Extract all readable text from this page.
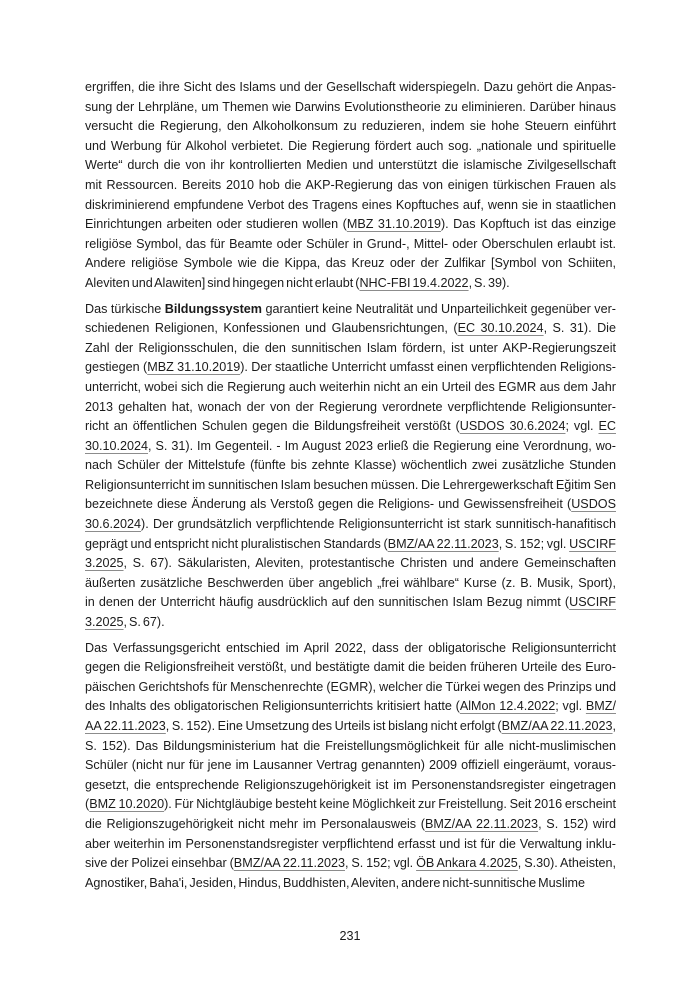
ergriffen, die ihre Sicht des Islams und der Gesellschaft widerspiegeln. Dazu gehört die Anpas-
sung der Lehrpläne, um Themen wie Darwins Evolutionstheorie zu eliminieren. Darüber hinaus
versucht die Regierung, den Alkoholkonsum zu reduzieren, indem sie hohe Steuern einführt
und Werbung für Alkohol verbietet. Die Regierung fördert auch sog. „nationale und spirituelle
Werte“ durch die von ihr kontrollierten Medien und unterstützt die islamische Zivilgesellschaft
mit Ressourcen. Bereits 2010 hob die AKP-Regierung das von einigen türkischen Frauen als
diskriminierend empfundene Verbot des Tragens eines Kopftuches auf, wenn sie in staatlichen
Einrichtungen arbeiten oder studieren wollen (MBZ 31.10.2019). Das Kopftuch ist das einzige
religiöse Symbol, das für Beamte oder Schüler in Grund-, Mittel- oder Oberschulen erlaubt ist.
Andere religiöse Symbole wie die Kippa, das Kreuz oder der Zulfikar [Symbol von Schiiten,
Aleviten und Alawiten] sind hingegen nicht erlaubt (NHC-FBI 19.4.2022, S. 39).
Das türkische Bildungssystem garantiert keine Neutralität und Unparteilichkeit gegenüber ver-
schiedenen Religionen, Konfessionen und Glaubensrichtungen, (EC 30.10.2024, S. 31). Die
Zahl der Religionsschulen, die den sunnitischen Islam fördern, ist unter AKP-Regierungszeit
gestiegen (MBZ 31.10.2019). Der staatliche Unterricht umfasst einen verpflichtenden Religions-
unterricht, wobei sich die Regierung auch weiterhin nicht an ein Urteil des EGMR aus dem Jahr
2013 gehalten hat, wonach der von der Regierung verordnete verpflichtende Religionsunter-
richt an öffentlichen Schulen gegen die Bildungsfreiheit verstößt (USDOS 30.6.2024; vgl. EC
30.10.2024, S. 31). Im Gegenteil. - Im August 2023 erließ die Regierung eine Verordnung, wo-
nach Schüler der Mittelstufe (fünfte bis zehnte Klasse) wöchentlich zwei zusätzliche Stunden
Religionsunterricht im sunnitischen Islam besuchen müssen. Die Lehrergewerkschaft Eğitim Sen
bezeichnete diese Änderung als Verstoß gegen die Religions- und Gewissensfreiheit (USDOS
30.6.2024). Der grundsätzlich verpflichtende Religionsunterricht ist stark sunnitisch-hanafitisch
geprägt und entspricht nicht pluralistischen Standards (BMZ/AA 22.11.2023, S. 152; vgl. USCIRF
3.2025, S. 67). Säkularisten, Aleviten, protestantische Christen und andere Gemeinschaften
äußerten zusätzliche Beschwerden über angeblich „frei wählbare“ Kurse (z. B. Musik, Sport),
in denen der Unterricht häufig ausdrücklich auf den sunnitischen Islam Bezug nimmt (USCIRF
3.2025, S. 67).
Das Verfassungsgericht entschied im April 2022, dass der obligatorische Religionsunterricht
gegen die Religionsfreiheit verstößt, und bestätigte damit die beiden früheren Urteile des Euro-
päischen Gerichtshofs für Menschenrechte (EGMR), welcher die Türkei wegen des Prinzips und
des Inhalts des obligatorischen Religionsunterrichts kritisiert hatte (AlMon 12.4.2022; vgl. BMZ/
AA 22.11.2023, S. 152). Eine Umsetzung des Urteils ist bislang nicht erfolgt (BMZ/AA 22.11.2023,
S. 152). Das Bildungsministerium hat die Freistellungsmöglichkeit für alle nicht-muslimischen
Schüler (nicht nur für jene im Lausanner Vertrag genannten) 2009 offiziell eingeräumt, voraus-
gesetzt, die entsprechende Religionszugehörigkeit ist im Personenstandsregister eingetragen
(BMZ 10.2020). Für Nichtgläubige besteht keine Möglichkeit zur Freistellung. Seit 2016 erscheint
die Religionszugehörigkeit nicht mehr im Personalausweis (BMZ/AA 22.11.2023, S. 152) wird
aber weiterhin im Personenstandsregister verpflichtend erfasst und ist für die Verwaltung inklu-
sive der Polizei einsehbar (BMZ/AA 22.11.2023, S. 152; vgl. ÖB Ankara 4.2025, S.30). Atheisten,
Agnostiker, Baha'i, Jesiden, Hindus, Buddhisten, Aleviten, andere nicht-sunnitische Muslime
231
